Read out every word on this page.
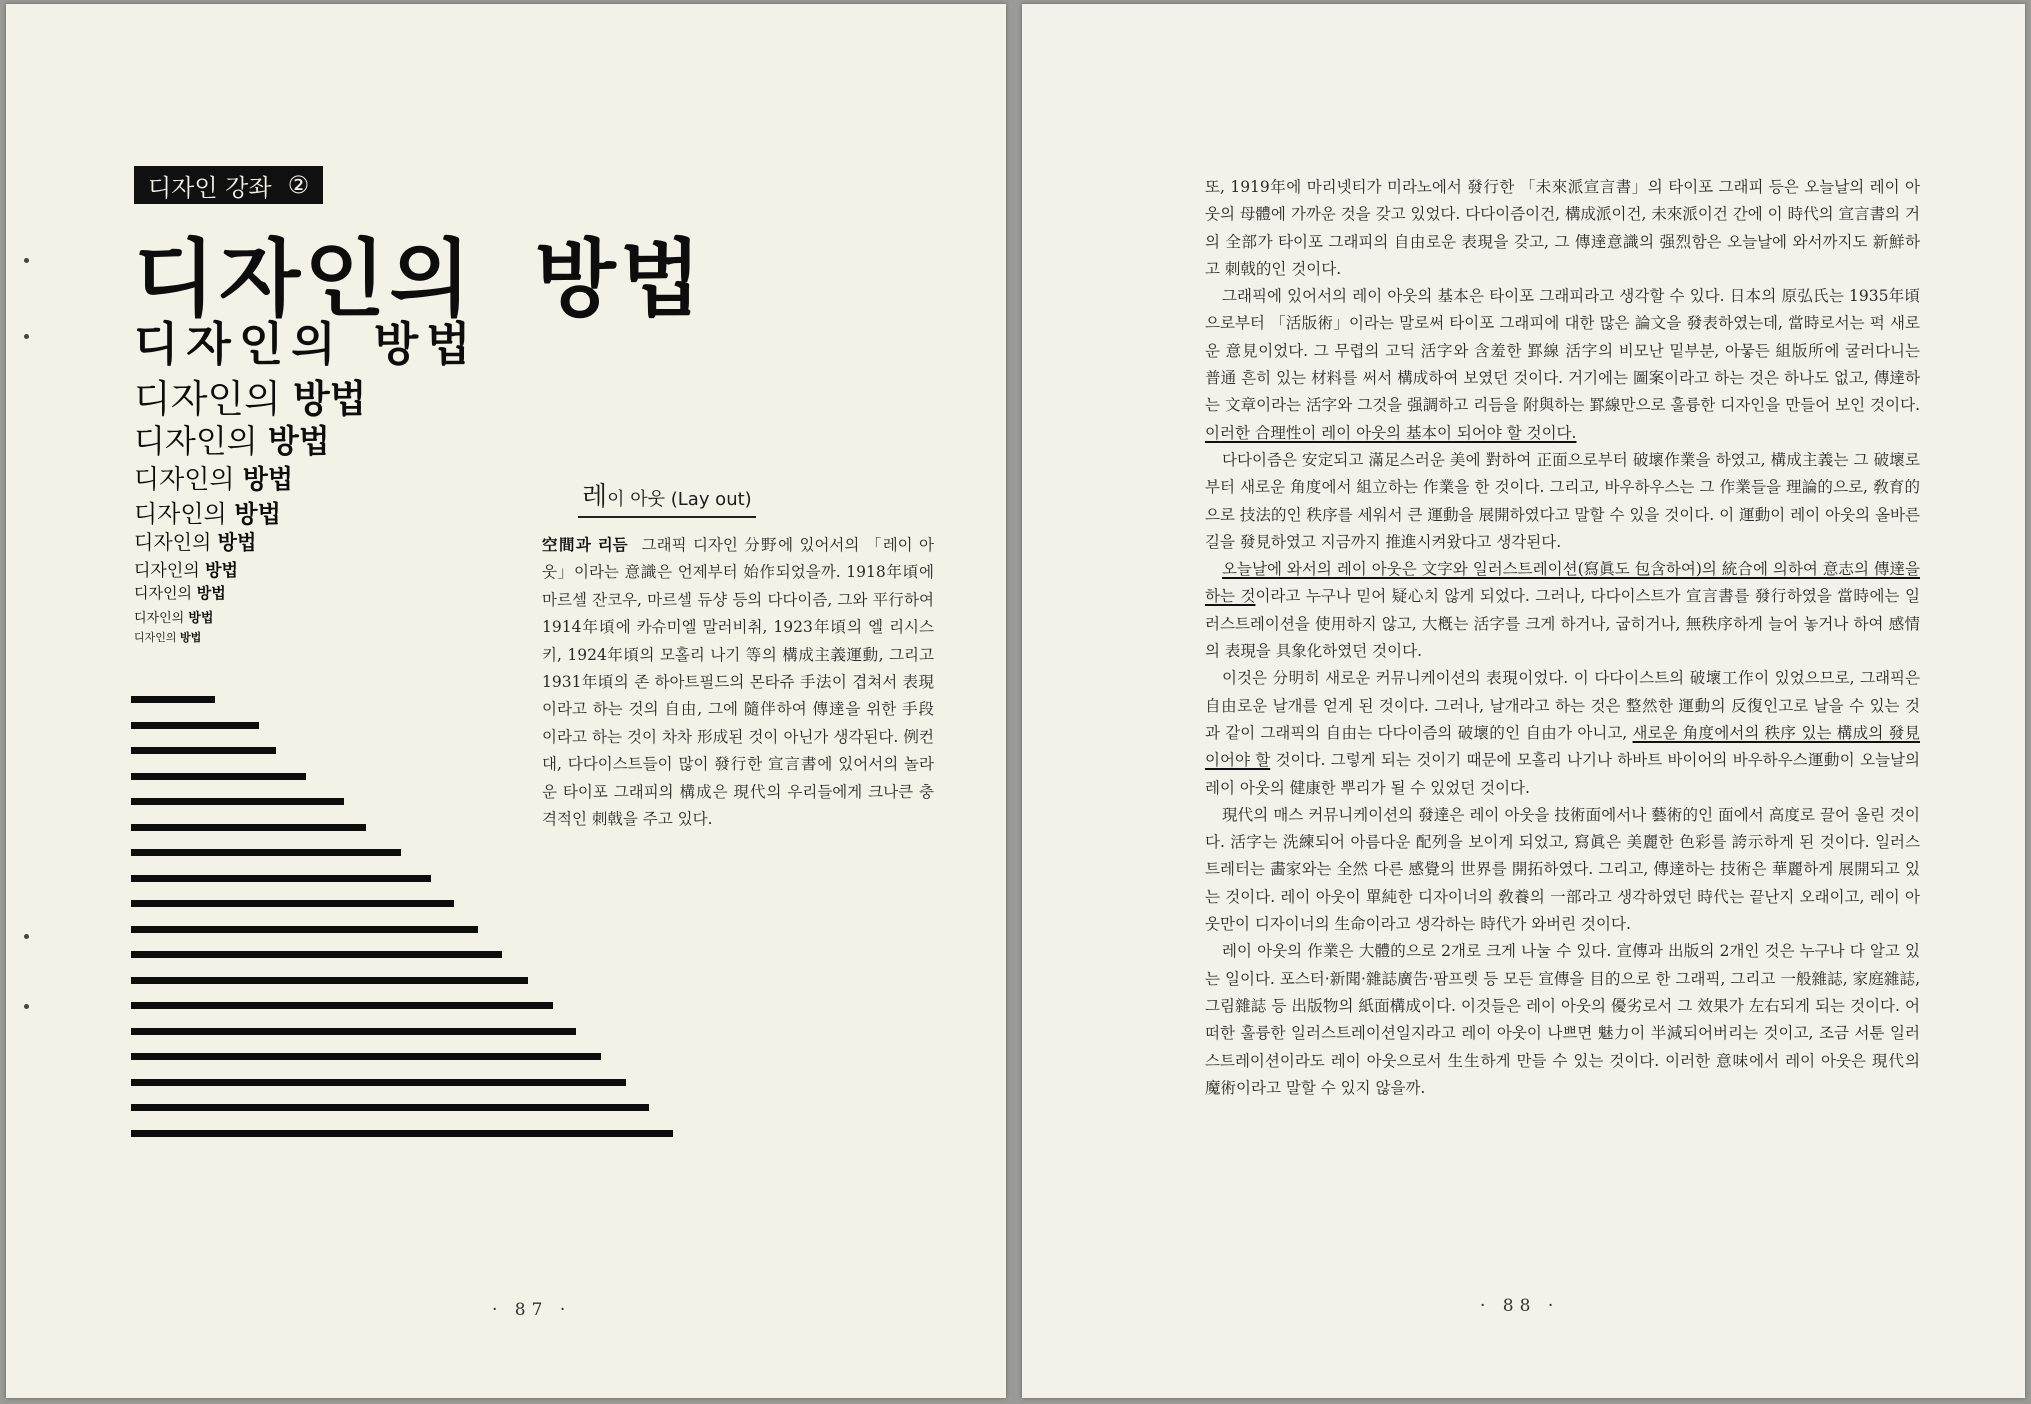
디자인 강좌 ②
디자인의 방법
디자인의 방법
디자인의 방법
디자인의 방법
디자인의 방법
디자인의 방법
디자인의 방법
디자인의 방법
디자인의 방법
디자인의 방법
디자인의 방법
레이 아웃 (Lay out)
空間과 리듬 그래픽 디자인 分野에 있어서의 「레이 아웃」이라는 意識은 언제부터 始作되었을까. 1918年頃에 마르셀 잔코우, 마르셀 듀샹 등의 다다이즘, 그와 平行하여 1914年頃에 카슈미엘 말러비취, 1923年頃의 엘 리시스키, 1924年頃의 모홀리 나기 等의 構成主義運動, 그리고 1931年頃의 존 하아트필드의 몬타쥬 手法이 겹쳐서 表現이라고 하는 것의 自由, 그에 隨伴하여 傳達을 위한 手段이라고 하는 것이 차차 形成된 것이 아닌가 생각된다. 例컨대, 다다이스트들이 많이 發行한 宣言書에 있어서의 놀라운 타이포 그래피의 構成은 現代의 우리들에게 크나큰 충격적인 刺戟을 주고 있다.
· 87 ·

또, 1919年에 마리넷티가 미라노에서 發行한 「未來派宣言書」의 타이포 그래피 등은 오늘날의 레이 아웃의 母體에 가까운 것을 갖고 있었다. 다다이즘이건, 構成派이건, 未來派이건 간에 이 時代의 宣言書의 거의 全部가 타이포 그래피의 自由로운 表現을 갖고, 그 傳達意識의 强烈함은 오늘날에 와서까지도 新鮮하고 刺戟的인 것이다.

그래픽에 있어서의 레이 아웃의 基本은 타이포 그래피라고 생각할 수 있다. 日本의 原弘氏는 1935年頃으로부터 「活版術」이라는 말로써 타이포 그래피에 대한 많은 論文을 發表하였는데, 當時로서는 퍽 새로운 意見이었다. 그 무렵의 고딕 活字와 含羞한 罫線 活字의 비모난 밑부분, 아뭏든 組版所에 굴러다니는 普通 흔히 있는 材料를 써서 構成하여 보였던 것이다. 거기에는 圖案이라고 하는 것은 하나도 없고, 傳達하는 文章이라는 活字와 그것을 强調하고 리듬을 附與하는 罫線만으로 훌륭한 디자인을 만들어 보인 것이다. 이러한 合理性이 레이 아웃의 基本이 되어야 할 것이다.

다다이즘은 安定되고 滿足스러운 美에 對하여 正面으로부터 破壞作業을 하였고, 構成主義는 그 破壞로부터 새로운 角度에서 組立하는 作業을 한 것이다. 그리고, 바우하우스는 그 作業들을 理論的으로, 敎育的으로 技法的인 秩序를 세워서 큰 運動을 展開하였다고 말할 수 있을 것이다. 이 運動이 레이 아웃의 올바른 길을 發見하였고 지금까지 推進시켜왔다고 생각된다.

오늘날에 와서의 레이 아웃은 文字와 일러스트레이션(寫眞도 包含하여)의 統合에 의하여 意志의 傳達을 하는 것이라고 누구나 믿어 疑心치 않게 되었다. 그러나, 다다이스트가 宣言書를 發行하였을 當時에는 일러스트레이션을 使用하지 않고, 大槪는 活字를 크게 하거나, 굽히거나, 無秩序하게 늘어 놓거나 하여 感情의 表現을 具象化하였던 것이다.

이것은 分明히 새로운 커뮤니케이션의 表現이었다. 이 다다이스트의 破壞工作이 있었으므로, 그래픽은 自由로운 날개를 얻게 된 것이다. 그러나, 날개라고 하는 것은 整然한 運動의 反復인고로 날을 수 있는 것과 같이 그래픽의 自由는 다다이즘의 破壞的인 自由가 아니고, 새로운 角度에서의 秩序 있는 構成의 發見이어야 할 것이다. 그렇게 되는 것이기 때문에 모홀리 나기나 하바트 바이어의 바우하우스運動이 오늘날의 레이 아웃의 健康한 뿌리가 될 수 있었던 것이다.

現代의 매스 커뮤니케이션의 發達은 레이 아웃을 技術面에서나 藝術的인 面에서 高度로 끌어 올린 것이다. 活字는 洗練되어 아름다운 配列을 보이게 되었고, 寫眞은 美麗한 色彩를 誇示하게 된 것이다. 일러스트레터는 畵家와는 全然 다른 感覺의 世界를 開拓하였다. 그리고, 傳達하는 技術은 華麗하게 展開되고 있는 것이다. 레이 아웃이 單純한 디자이너의 敎養의 一部라고 생각하였던 時代는 끝난지 오래이고, 레이 아웃만이 디자이너의 生命이라고 생각하는 時代가 와버린 것이다.

레이 아웃의 作業은 大體的으로 2개로 크게 나눌 수 있다. 宣傳과 出版의 2개인 것은 누구나 다 알고 있는 일이다. 포스터·新聞·雜誌廣告·팜프렛 등 모든 宣傳을 目的으로 한 그래픽, 그리고 一般雜誌, 家庭雜誌, 그림雜誌 등 出版物의 紙面構成이다. 이것들은 레이 아웃의 優劣로서 그 效果가 左右되게 되는 것이다. 어떠한 훌륭한 일러스트레이션일지라고 레이 아웃이 나쁘면 魅力이 半減되어버리는 것이고, 조금 서툰 일러스트레이션이라도 레이 아웃으로서 生生하게 만들 수 있는 것이다. 이러한 意味에서 레이 아웃은 現代의 魔術이라고 말할 수 있지 않을까.

· 88 ·
